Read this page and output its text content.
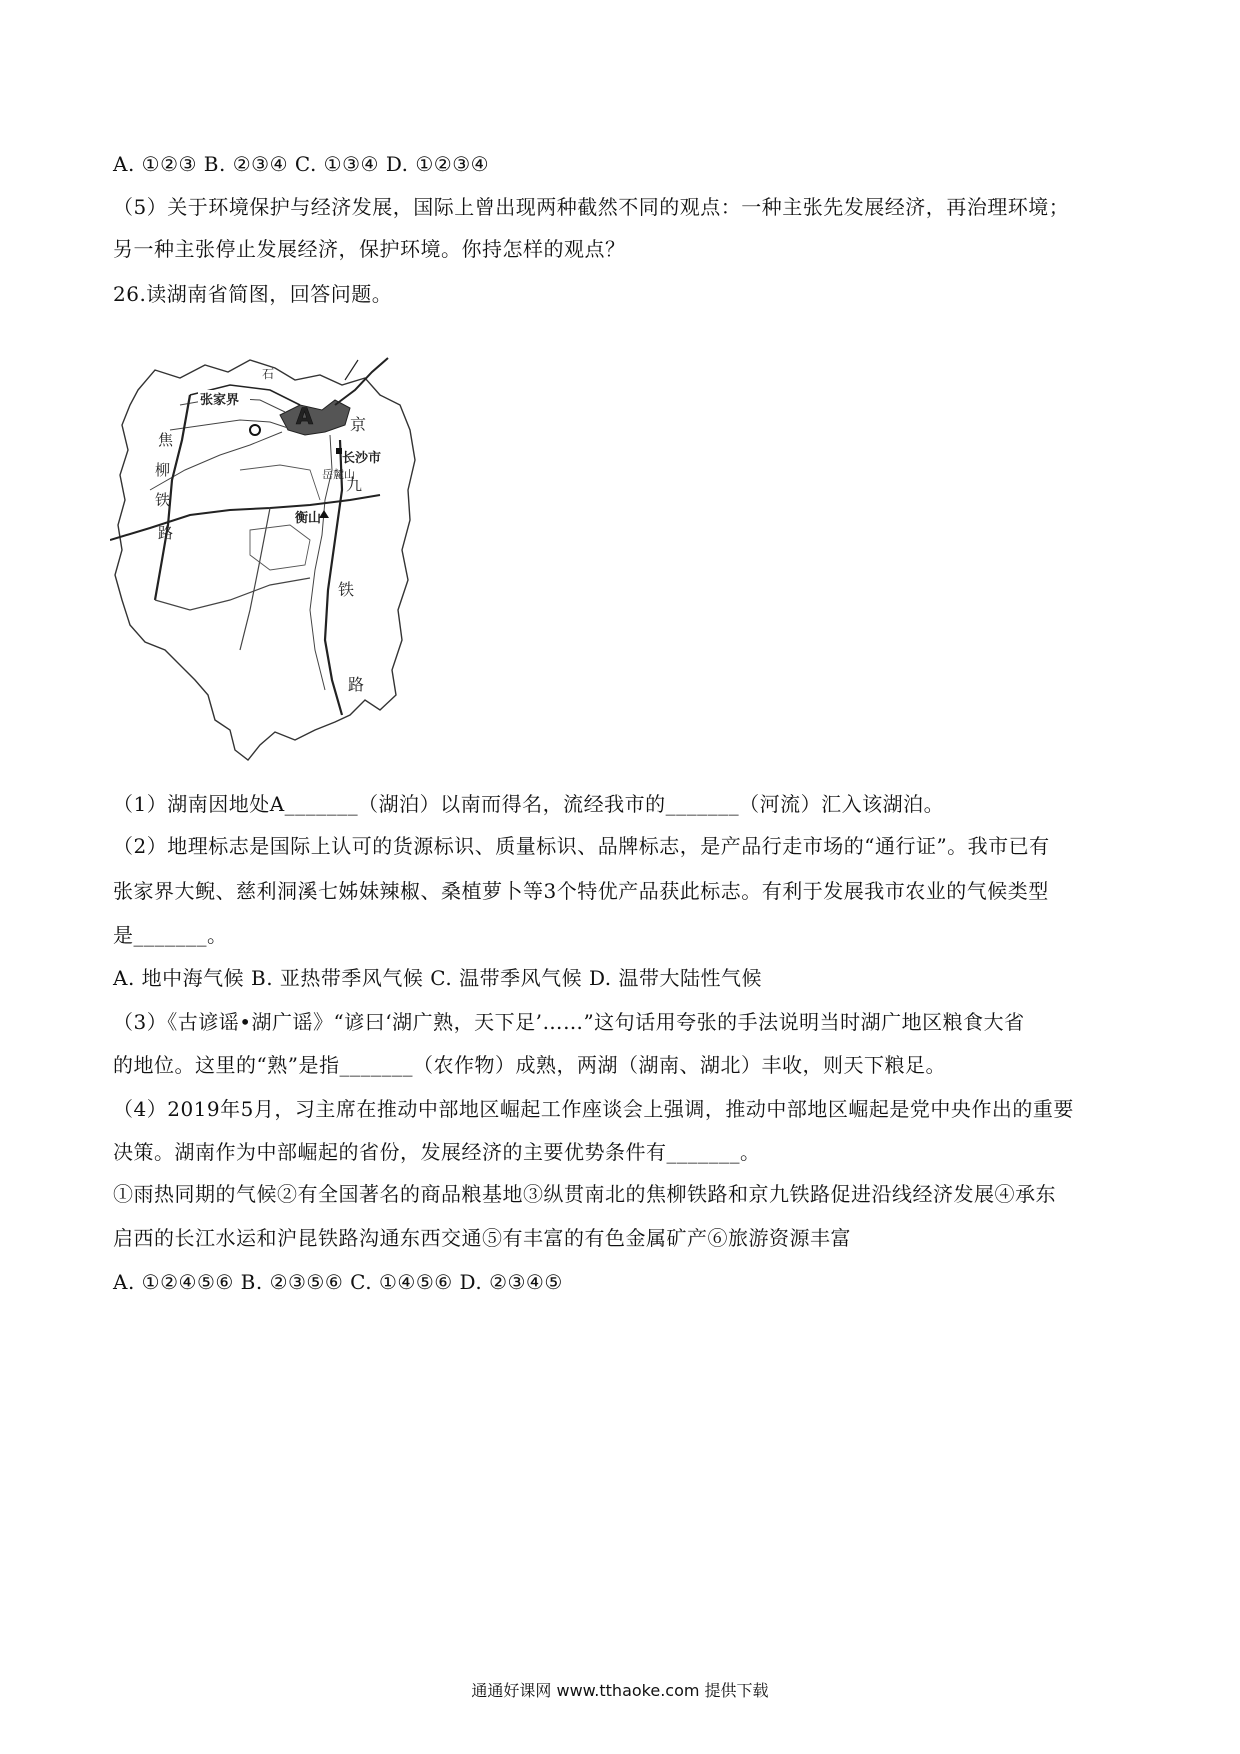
A. ①②③ B. ②③④ C. ①③④ D. ①②③④
（5）关于环境保护与经济发展，国际上曾出现两种截然不同的观点：一种主张先发展经济，再治理环境；
另一种主张停止发展经济，保护环境。你持怎样的观点？
26.读湖南省简图，回答问题。
A
张家界
石
岳麓山
长沙市
衡山
焦
柳
铁
路
京
九
铁
路
（1）湖南因地处A_______（湖泊）以南而得名，流经我市的_______（河流）汇入该湖泊。
（2）地理标志是国际上认可的货源标识、质量标识、品牌标志，是产品行走市场的“通行证”。我市已有
张家界大鲵、慈利洞溪七姊妹辣椒、桑植萝卜等3个特优产品获此标志。有利于发展我市农业的气候类型
是_______。
A. 地中海气候 B. 亚热带季风气候 C. 温带季风气候 D. 温带大陆性气候
（3）《古谚谣•湖广谣》“谚曰‘湖广熟，天下足’……”这句话用夸张的手法说明当时湖广地区粮食大省
的地位。这里的“熟”是指_______（农作物）成熟，两湖（湖南、湖北）丰收，则天下粮足。
（4）2019年5月，习主席在推动中部地区崛起工作座谈会上强调，推动中部地区崛起是党中央作出的重要
决策。湖南作为中部崛起的省份，发展经济的主要优势条件有_______。
①雨热同期的气候②有全国著名的商品粮基地③纵贯南北的焦柳铁路和京九铁路促进沿线经济发展④承东
启西的长江水运和沪昆铁路沟通东西交通⑤有丰富的有色金属矿产⑥旅游资源丰富
A. ①②④⑤⑥ B. ②③⑤⑥ C. ①④⑤⑥ D. ②③④⑤
通通好课网 www.tthaoke.com 提供下载
